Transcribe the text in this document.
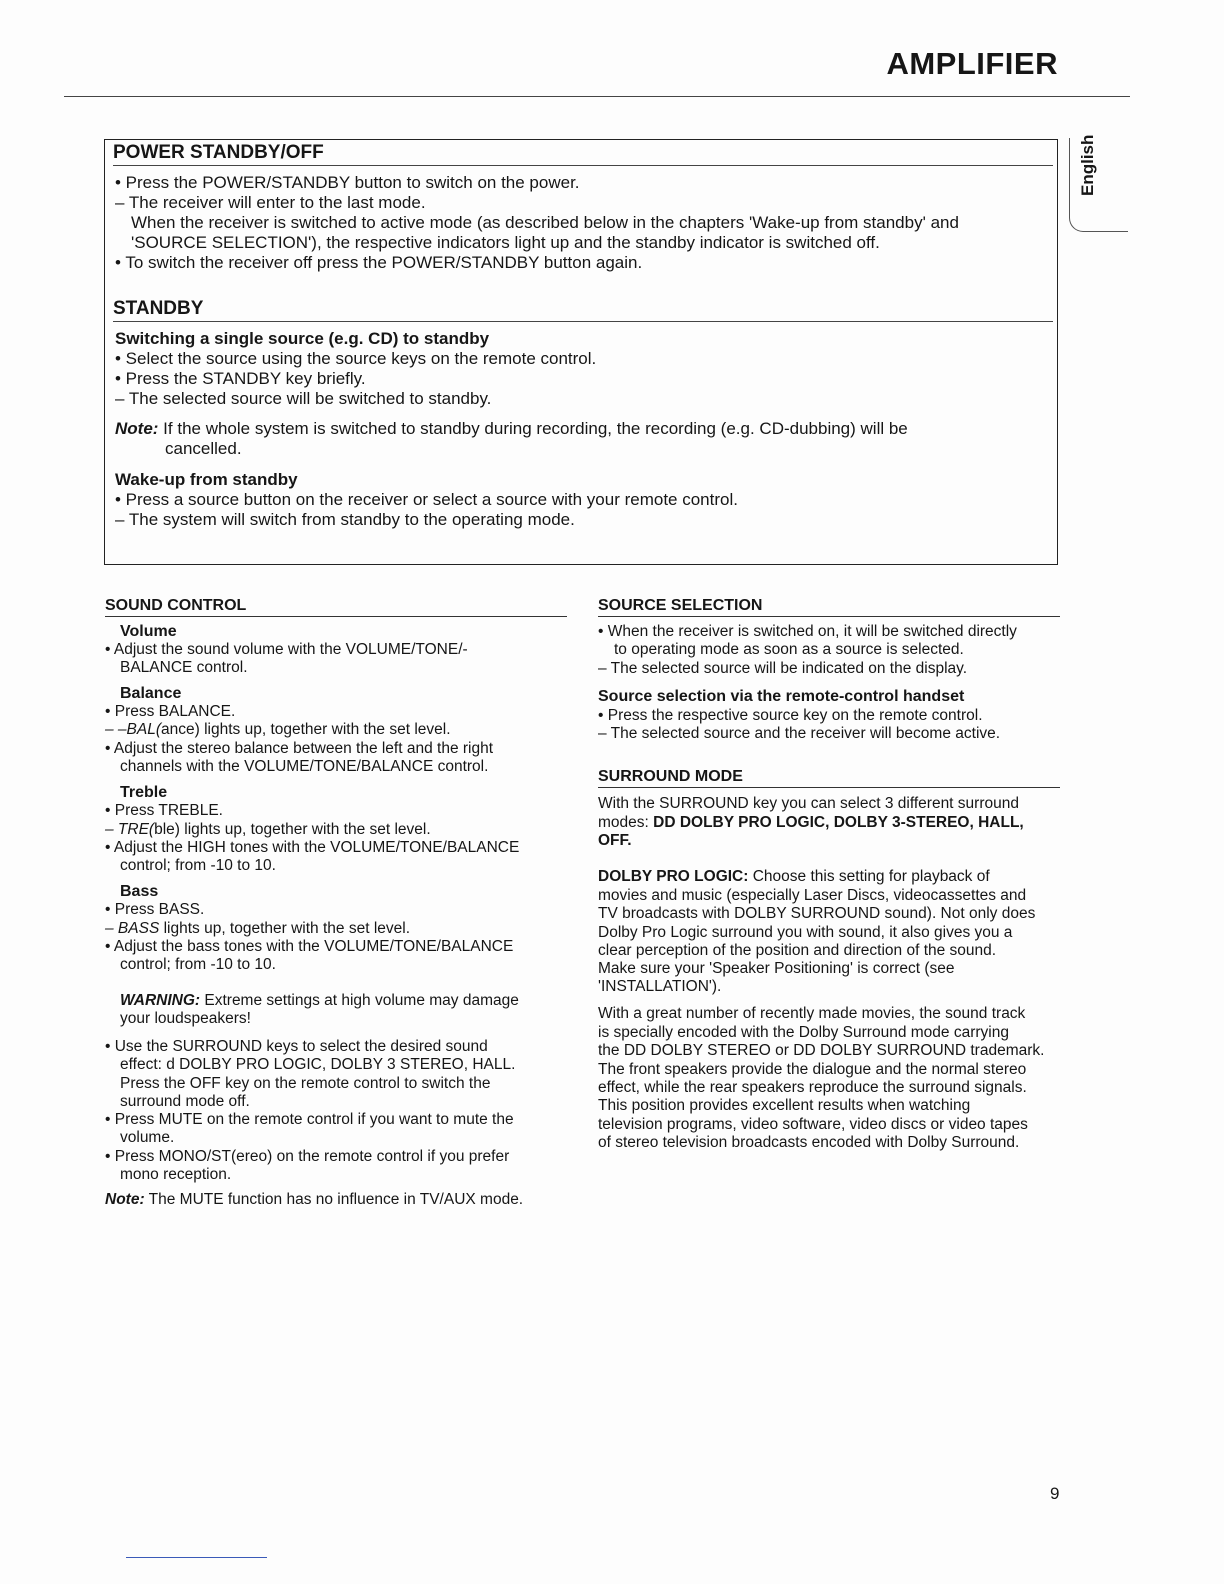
AMPLIFIER
English
POWER STANDBY/OFF
• Press the POWER/STANDBY button to switch on the power.
– The receiver will enter to the last mode.
When the receiver is switched to active mode (as described below in the chapters 'Wake-up from standby' and
'SOURCE SELECTION'), the respective indicators light up and the standby indicator is switched off.
• To switch the receiver off press the POWER/STANDBY button again.
STANDBY
Switching a single source (e.g. CD) to standby
• Select the source using the source keys on the remote control.
• Press the STANDBY key briefly.
– The selected source will be switched to standby.
Note: If the whole system is switched to standby during recording, the recording (e.g. CD-dubbing) will be
cancelled.
Wake-up from standby
• Press a source button on the receiver or select a source with your remote control.
– The system will switch from standby to the operating mode.
SOUND CONTROL
Volume
• Adjust the sound volume with the VOLUME/TONE/-
BALANCE control.
Balance
• Press BALANCE.
– –BAL(ance) lights up, together with the set level.
• Adjust the stereo balance between the left and the right
channels with the VOLUME/TONE/BALANCE control.
Treble
• Press TREBLE.
– TRE(ble) lights up, together with the set level.
• Adjust the HIGH tones with the VOLUME/TONE/BALANCE
control; from -10 to 10.
Bass
• Press BASS.
– BASS lights up, together with the set level.
• Adjust the bass tones with the VOLUME/TONE/BALANCE
control; from -10 to 10.
WARNING: Extreme settings at high volume may damage
your loudspeakers!
• Use the SURROUND keys to select the desired sound
effect: d DOLBY PRO LOGIC, DOLBY 3 STEREO, HALL.
Press the OFF key on the remote control to switch the
surround mode off.
• Press MUTE on the remote control if you want to mute the
volume.
• Press MONO/ST(ereo) on the remote control if you prefer
mono reception.
Note: The MUTE function has no influence in TV/AUX mode.
SOURCE SELECTION
• When the receiver is switched on, it will be switched directly
to operating mode as soon as a source is selected.
– The selected source will be indicated on the display.
Source selection via the remote-control handset
• Press the respective source key on the remote control.
– The selected source and the receiver will become active.
SURROUND MODE
With the SURROUND key you can select 3 different surround
modes: DD DOLBY PRO LOGIC, DOLBY 3-STEREO, HALL,
OFF.
DOLBY PRO LOGIC: Choose this setting for playback of
movies and music (especially Laser Discs, videocassettes and
TV broadcasts with DOLBY SURROUND sound). Not only does
Dolby Pro Logic surround you with sound, it also gives you a
clear perception of the position and direction of the sound.
Make sure your 'Speaker Positioning' is correct (see
'INSTALLATION').
With a great number of recently made movies, the sound track
is specially encoded with the Dolby Surround mode carrying
the DD DOLBY STEREO or DD DOLBY SURROUND trademark.
The front speakers provide the dialogue and the normal stereo
effect, while the rear speakers reproduce the surround signals.
This position provides excellent results when watching
television programs, video software, video discs or video tapes
of stereo television broadcasts encoded with Dolby Surround.
9
